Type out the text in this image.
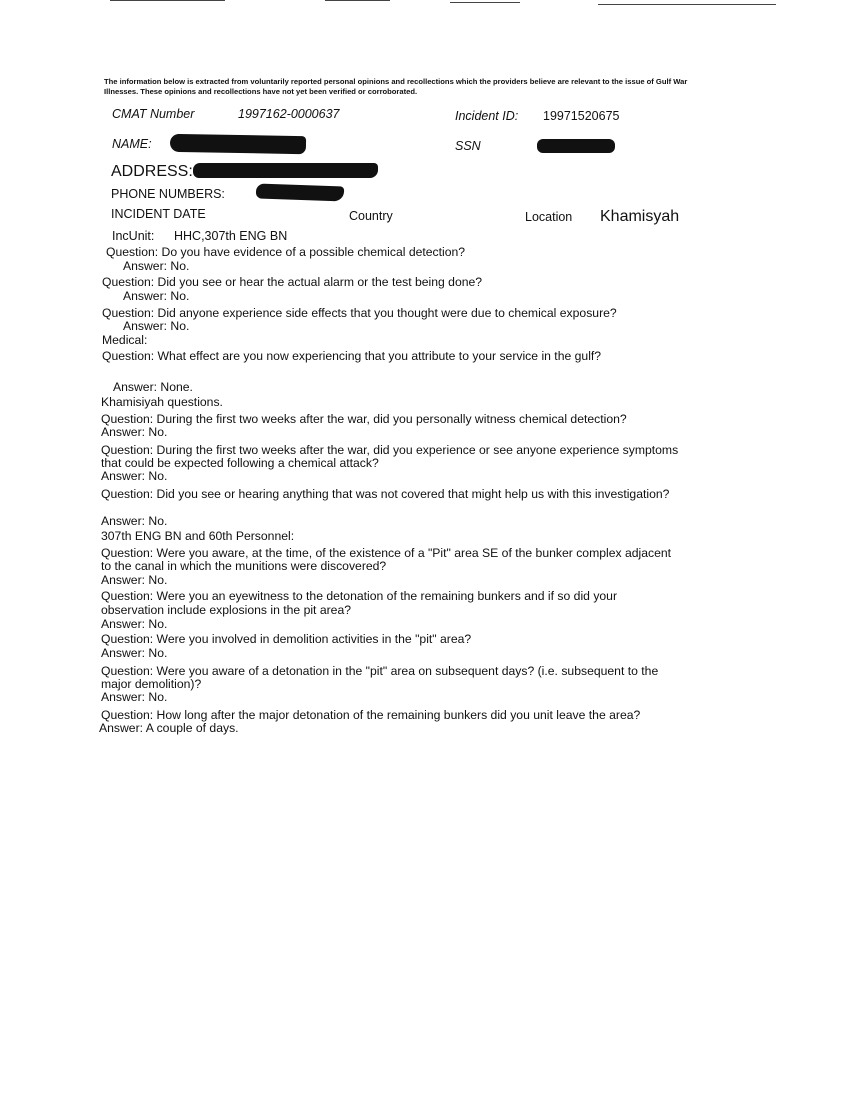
The information below is extracted from voluntarily reported personal opinions and recollections which the providers believe are relevant to the issue of Gulf War Illnesses. These opinions and recollections have not yet been verified or corroborated.
CMAT Number	1997162-0000637	Incident ID: 19971520675
NAME:	SSN
ADDRESS:
PHONE NUMBERS:
INCIDENT DATE	Country	Location Khamisyah
IncUnit: HHC,307th ENG BN
Question: Do you have evidence of a possible chemical detection?
Answer: No.
Question: Did you see or hear the actual alarm or the test being done?
Answer: No.
Question: Did anyone experience side effects that you thought were due to chemical exposure?
Answer: No.
Medical:
Question: What effect are you now experiencing that you attribute to your service in the gulf?
Answer: None.
Khamisiyah questions.
Question: During the first two weeks after the war, did you personally witness chemical detection?
Answer: No.
Question: During the first two weeks after the war, did you experience or see anyone experience symptoms
that could be expected following a chemical attack?
Answer: No.
Question: Did you see or hearing anything that was not covered that might help us with this investigation?
Answer: No.
307th ENG BN and 60th Personnel:
Question: Were you aware, at the time, of the existence of a "Pit" area SE of the bunker complex adjacent
to the canal in which the munitions were discovered?
Answer: No.
Question: Were you an eyewitness to the detonation of the remaining bunkers and if so did your
observation include explosions in the pit area?
Answer: No.
Question: Were you involved in demolition activities in the "pit" area?
Answer: No.
Question: Were you aware of a detonation in the "pit" area on subsequent days? (i.e. subsequent to the
major demolition)?
Answer: No.
Question: How long after the major detonation of the remaining bunkers did you unit leave the area?
Answer: A couple of days.
